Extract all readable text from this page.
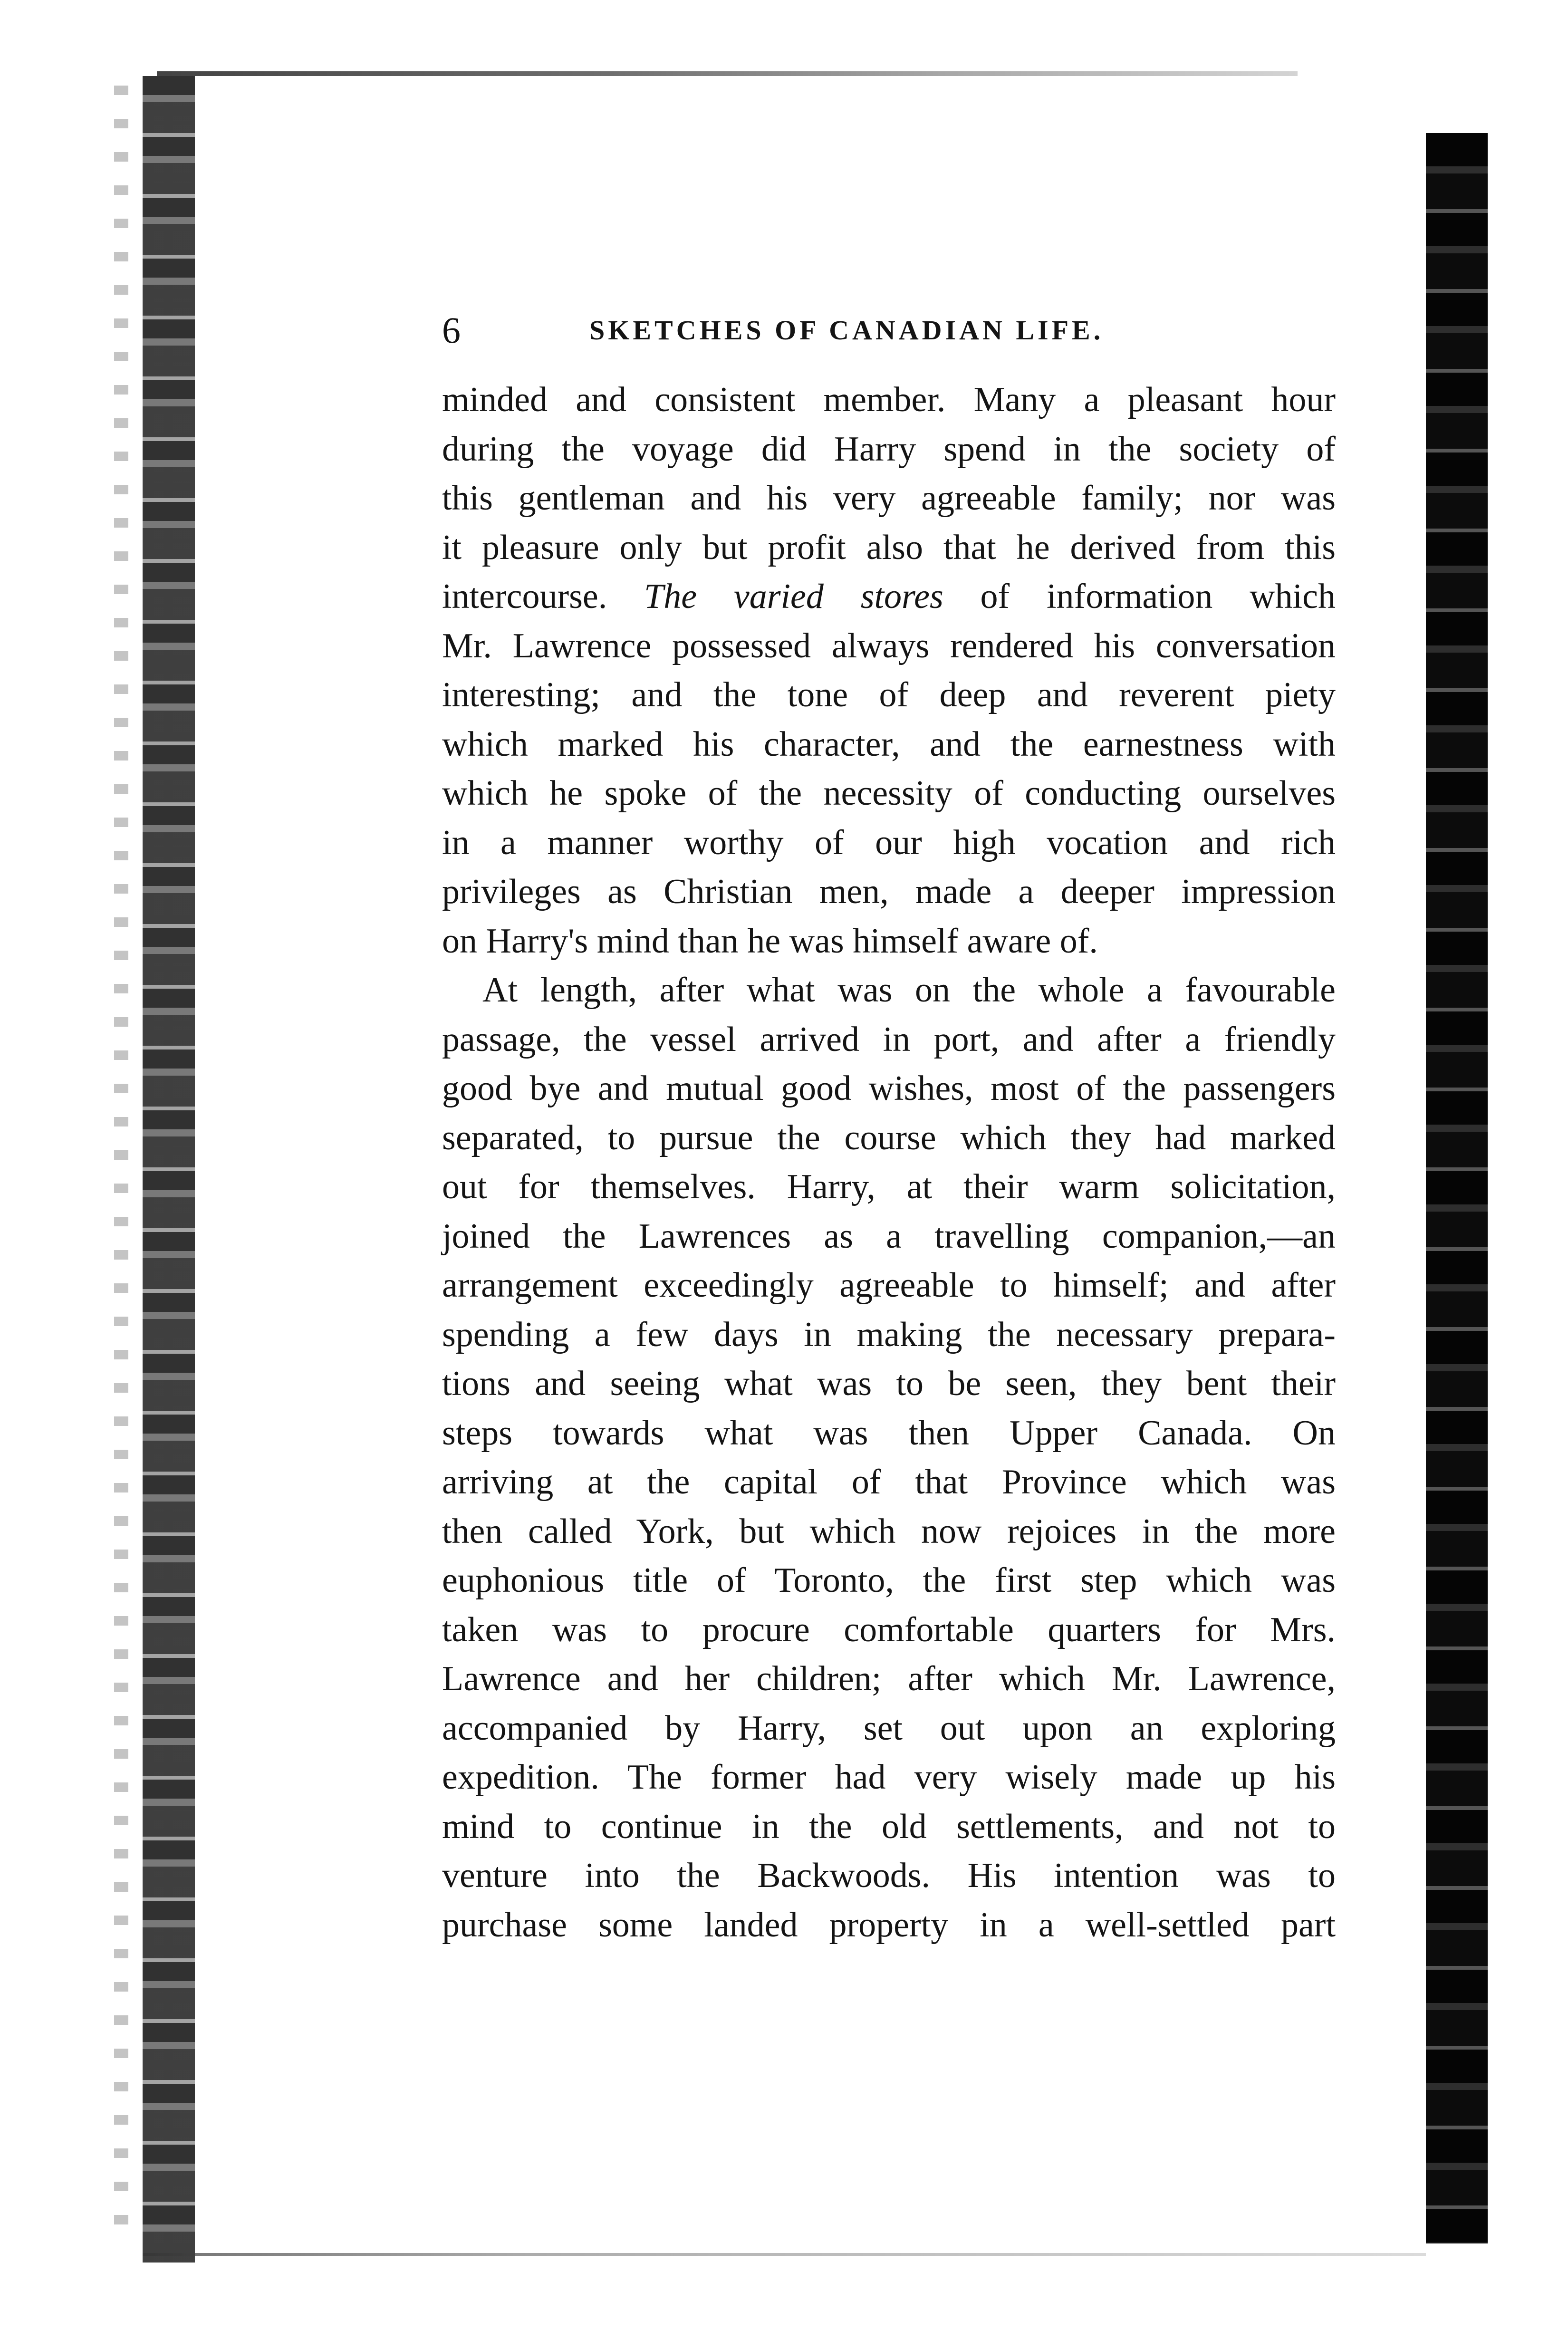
6	SKETCHES OF CANADIAN LIFE.
minded and consistent member. Many a pleasant hour
during the voyage did Harry spend in the society of
this gentleman and his very agreeable family; nor was
it pleasure only but profit also that he derived from this
intercourse. The varied stores of information which
Mr. Lawrence possessed always rendered his conversation
interesting; and the tone of deep and reverent piety
which marked his character, and the earnestness with
which he spoke of the necessity of conducting ourselves
in a manner worthy of our high vocation and rich
privileges as Christian men, made a deeper impression
on Harry's mind than he was himself aware of.
At length, after what was on the whole a favourable
passage, the vessel arrived in port, and after a friendly
good bye and mutual good wishes, most of the passengers
separated, to pursue the course which they had marked
out for themselves. Harry, at their warm solicitation,
joined the Lawrences as a travelling companion,—an
arrangement exceedingly agreeable to himself; and after
spending a few days in making the necessary prepara-
tions and seeing what was to be seen, they bent their
steps towards what was then Upper Canada. On
arriving at the capital of that Province which was
then called York, but which now rejoices in the more
euphonious title of Toronto, the first step which was
taken was to procure comfortable quarters for Mrs.
Lawrence and her children; after which Mr. Lawrence,
accompanied by Harry, set out upon an exploring
expedition. The former had very wisely made up his
mind to continue in the old settlements, and not to
venture into the Backwoods. His intention was to
purchase some landed property in a well-settled part
